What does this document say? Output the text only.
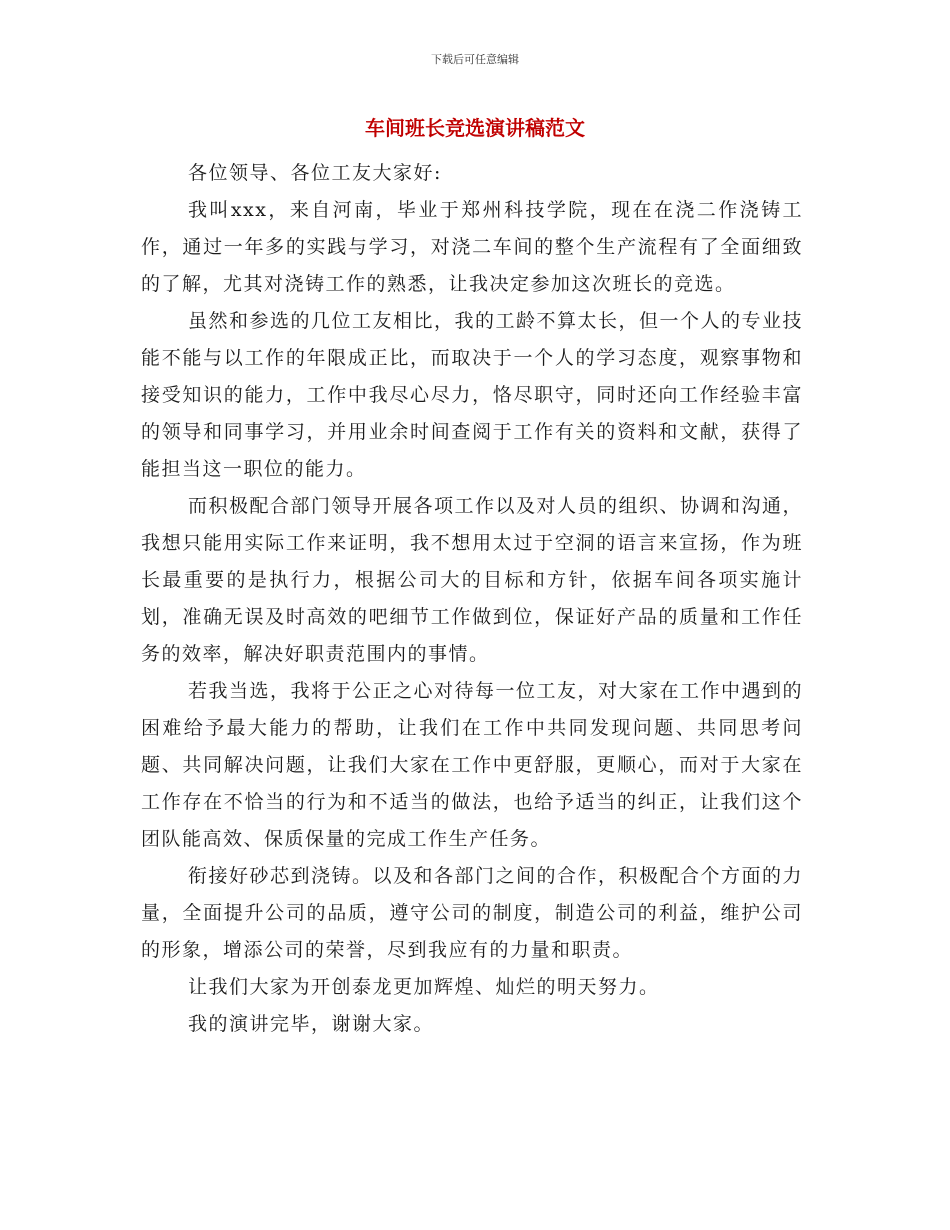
下载后可任意编辑
车间班长竞选演讲稿范文

各位领导、各位工友大家好:

我叫xxx，来自河南，毕业于郑州科技学院，现在在浇二作浇铸工作，通过一年多的实践与学习，对浇二车间的整个生产流程有了全面细致的了解，尤其对浇铸工作的熟悉，让我决定参加这次班长的竞选。

虽然和参选的几位工友相比，我的工龄不算太长，但一个人的专业技能不能与以工作的年限成正比，而取决于一个人的学习态度，观察事物和接受知识的能力，工作中我尽心尽力，恪尽职守，同时还向工作经验丰富的领导和同事学习，并用业余时间查阅于工作有关的资料和文献，获得了能担当这一职位的能力。

而积极配合部门领导开展各项工作以及对人员的组织、协调和沟通，我想只能用实际工作来证明，我不想用太过于空洞的语言来宣扬，作为班长最重要的是执行力，根据公司大的目标和方针，依据车间各项实施计划，准确无误及时高效的吧细节工作做到位，保证好产品的质量和工作任务的效率，解决好职责范围内的事情。

若我当选，我将于公正之心对待每一位工友，对大家在工作中遇到的困难给予最大能力的帮助，让我们在工作中共同发现问题、共同思考问题、共同解决问题，让我们大家在工作中更舒服，更顺心，而对于大家在工作存在不恰当的行为和不适当的做法，也给予适当的纠正，让我们这个团队能高效、保质保量的完成工作生产任务。

衔接好砂芯到浇铸。以及和各部门之间的合作，积极配合个方面的力量，全面提升公司的品质，遵守公司的制度，制造公司的利益，维护公司的形象，增添公司的荣誉，尽到我应有的力量和职责。

让我们大家为开创泰龙更加辉煌、灿烂的明天努力。

我的演讲完毕，谢谢大家。
